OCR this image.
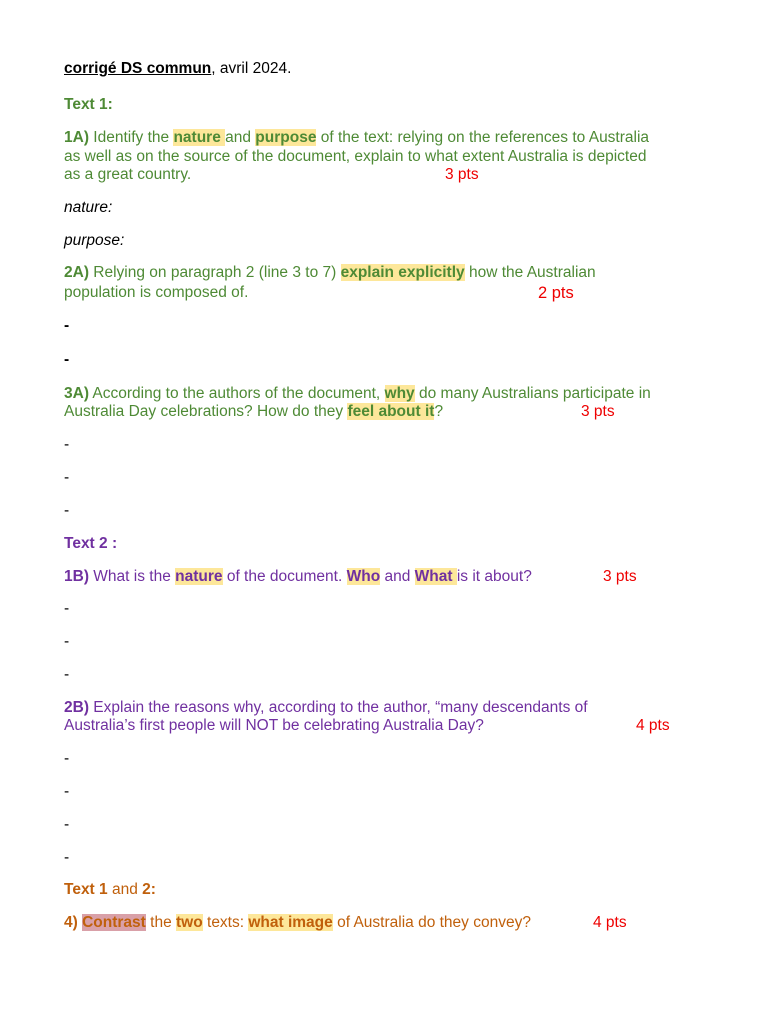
corrigé DS commun, avril 2024.
Text 1:
1A) Identify the nature and purpose of the text: relying on the references to Australia
as well as on the source of the document, explain to what extent Australia is depicted
as a great country.	3 pts
nature:
purpose:
2A) Relying on paragraph 2 (line 3 to 7) explain explicitly how the Australian
population is composed of.	2 pts
-
-
3A) According to the authors of the document, why do many Australians participate in
Australia Day celebrations? How do they feel about it?	3 pts
-
-
-
Text 2 :
1B) What is the nature of the document. Who and What is it about?	3 pts
-
-
-
2B) Explain the reasons why, according to the author, “many descendants of
Australia’s first people will NOT be celebrating Australia Day?	4 pts
-
-
-
-
Text 1 and 2:
4) Contrast the two texts: what image of Australia do they convey?	4 pts
